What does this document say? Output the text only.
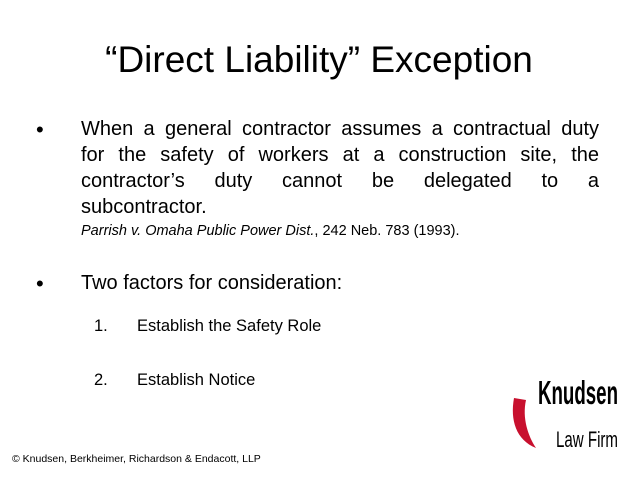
“Direct Liability” Exception
• When a general contractor assumes a contractual duty
for the safety of workers at a construction site, the
contractor’s duty cannot be delegated to a
subcontractor.
Parrish v. Omaha Public Power Dist., 242 Neb. 783 (1993).
• Two factors for consideration:
1. Establish the Safety Role
2. Establish Notice
© Knudsen, Berkheimer, Richardson & Endacott, LLP
Knudsen
Law Firm
